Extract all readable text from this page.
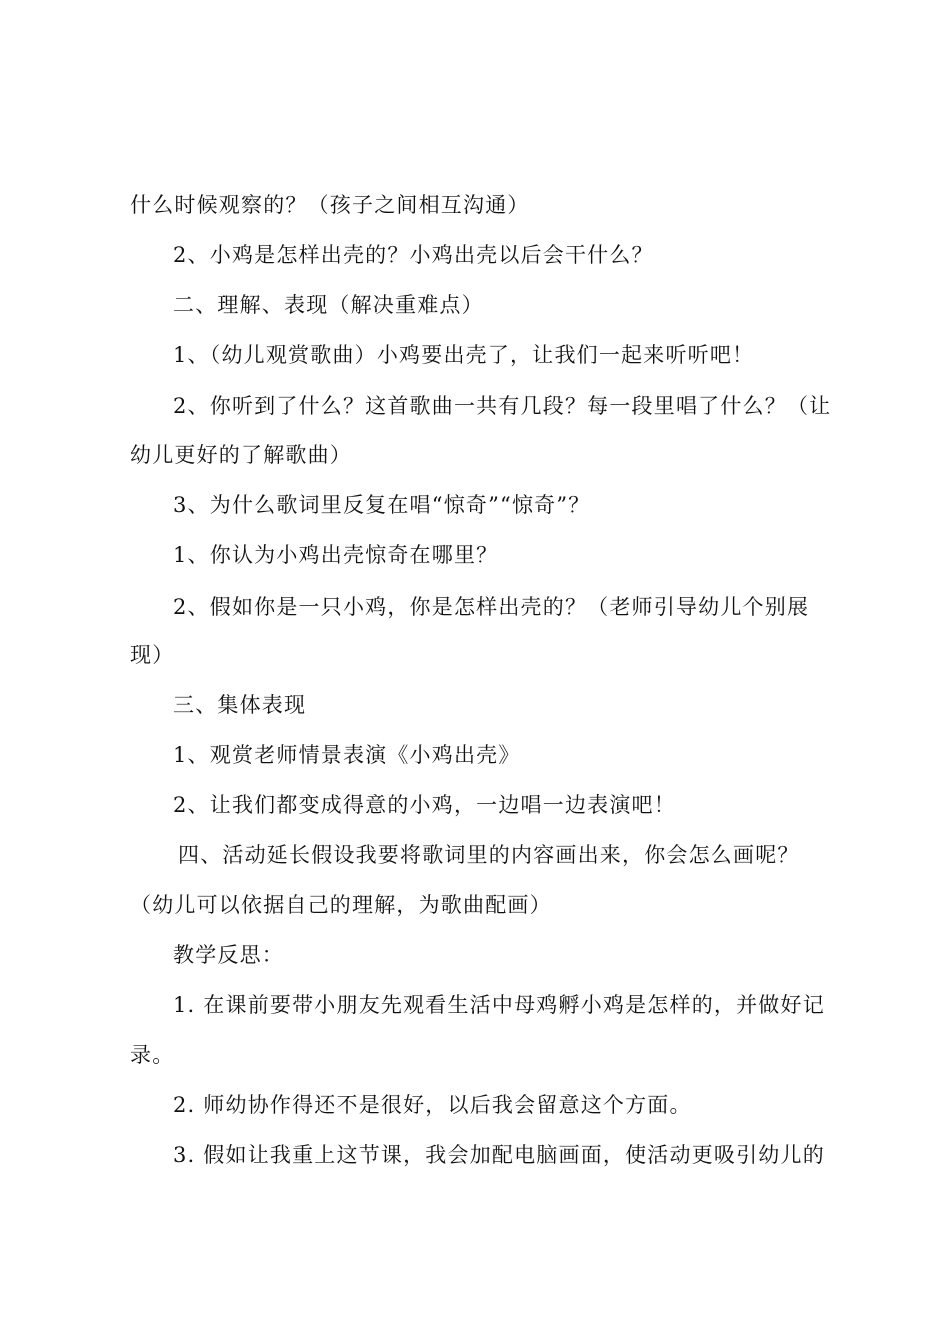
什么时候观察的？（孩子之间相互沟通）
2、小鸡是怎样出壳的？小鸡出壳以后会干什么？
二、理解、表现（解决重难点）
1、（幼儿观赏歌曲）小鸡要出壳了，让我们一起来听听吧！
2、你听到了什么？这首歌曲一共有几段？每一段里唱了什么？（让
幼儿更好的了解歌曲）
3、为什么歌词里反复在唱“惊奇”“惊奇”？
1、你认为小鸡出壳惊奇在哪里？
2、假如你是一只小鸡，你是怎样出壳的？（老师引导幼儿个别展
现）
三、集体表现
1、观赏老师情景表演《小鸡出壳》
2、让我们都变成得意的小鸡，一边唱一边表演吧！
四、活动延长假设我要将歌词里的内容画出来，你会怎么画呢？
（幼儿可以依据自己的理解，为歌曲配画）
教学反思：
1. 在课前要带小朋友先观看生活中母鸡孵小鸡是怎样的，并做好记
录。
2. 师幼协作得还不是很好，以后我会留意这个方面。
3. 假如让我重上这节课，我会加配电脑画面，使活动更吸引幼儿的
